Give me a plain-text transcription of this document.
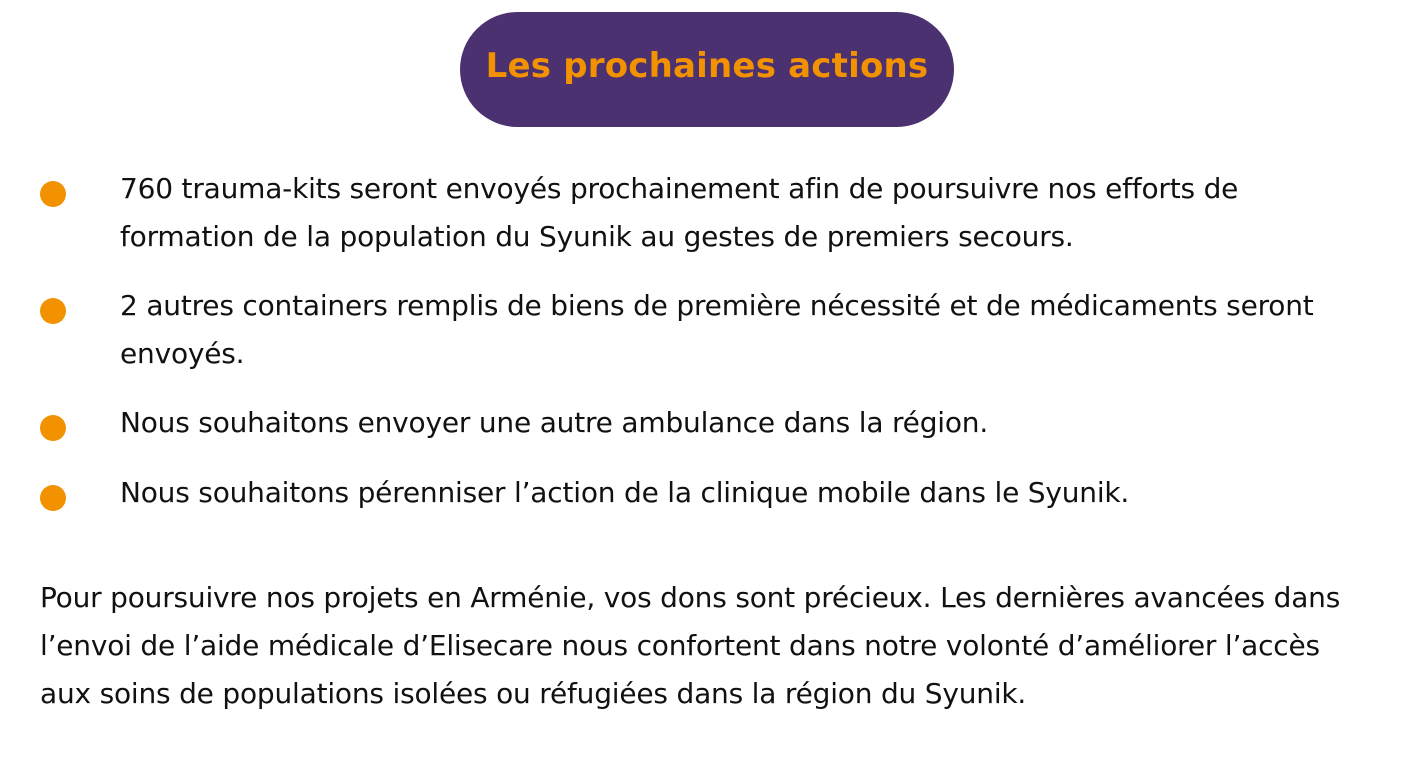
Les prochaines actions
760 trauma-kits seront envoyés prochainement afin de poursuivre nos efforts de formation de la population du Syunik au gestes de premiers secours.
2 autres containers remplis de biens de première nécessité et de médicaments seront envoyés.
Nous souhaitons envoyer une autre ambulance dans la région.
Nous souhaitons pérenniser l’action de la clinique mobile dans le Syunik.

Pour poursuivre nos projets en Arménie, vos dons sont précieux. Les dernières avancées dans l’envoi de l’aide médicale d’Elisecare nous confortent dans notre volonté d’améliorer l’accès aux soins de populations isolées ou réfugiées dans la région du Syunik.
